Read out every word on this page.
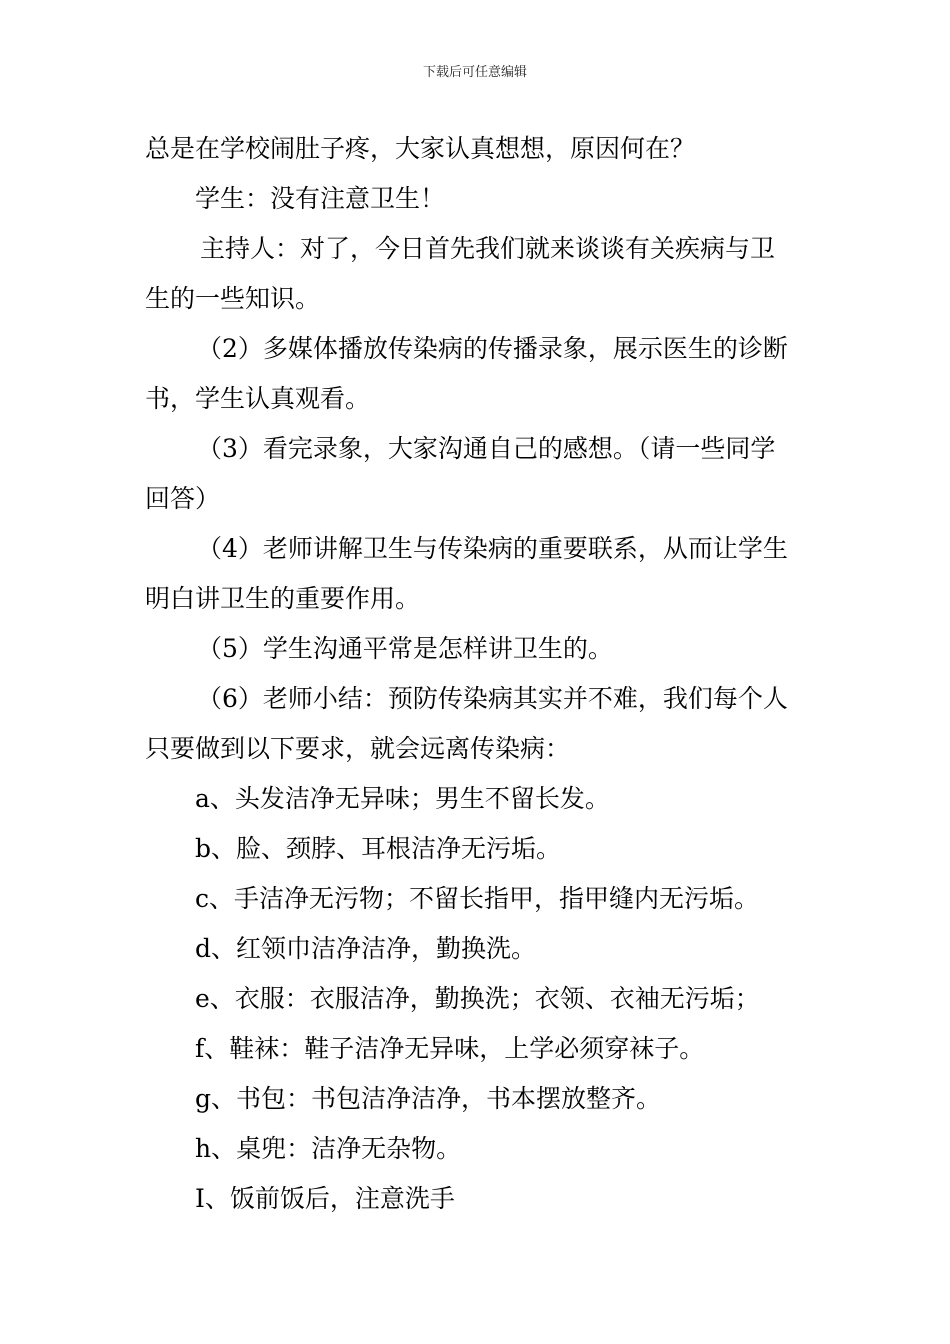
下载后可任意编辑
总是在学校闹肚子疼，大家认真想想，原因何在？
学生：没有注意卫生！
主持人：对了，今日首先我们就来谈谈有关疾病与卫
生的一些知识。
（2）多媒体播放传染病的传播录象，展示医生的诊断
书，学生认真观看。
（3）看完录象，大家沟通自己的感想。（请一些同学
回答）
（4）老师讲解卫生与传染病的重要联系，从而让学生
明白讲卫生的重要作用。
（5）学生沟通平常是怎样讲卫生的。
（6）老师小结：预防传染病其实并不难，我们每个人
只要做到以下要求，就会远离传染病：
a、头发洁净无异味；男生不留长发。
b、脸、颈脖、耳根洁净无污垢。
c、手洁净无污物；不留长指甲，指甲缝内无污垢。
d、红领巾洁净洁净，勤换洗。
e、衣服：衣服洁净，勤换洗；衣领、衣袖无污垢；
f、鞋袜：鞋子洁净无异味，上学必须穿袜子。
g、书包：书包洁净洁净，书本摆放整齐。
h、桌兜：洁净无杂物。
I、饭前饭后，注意洗手
